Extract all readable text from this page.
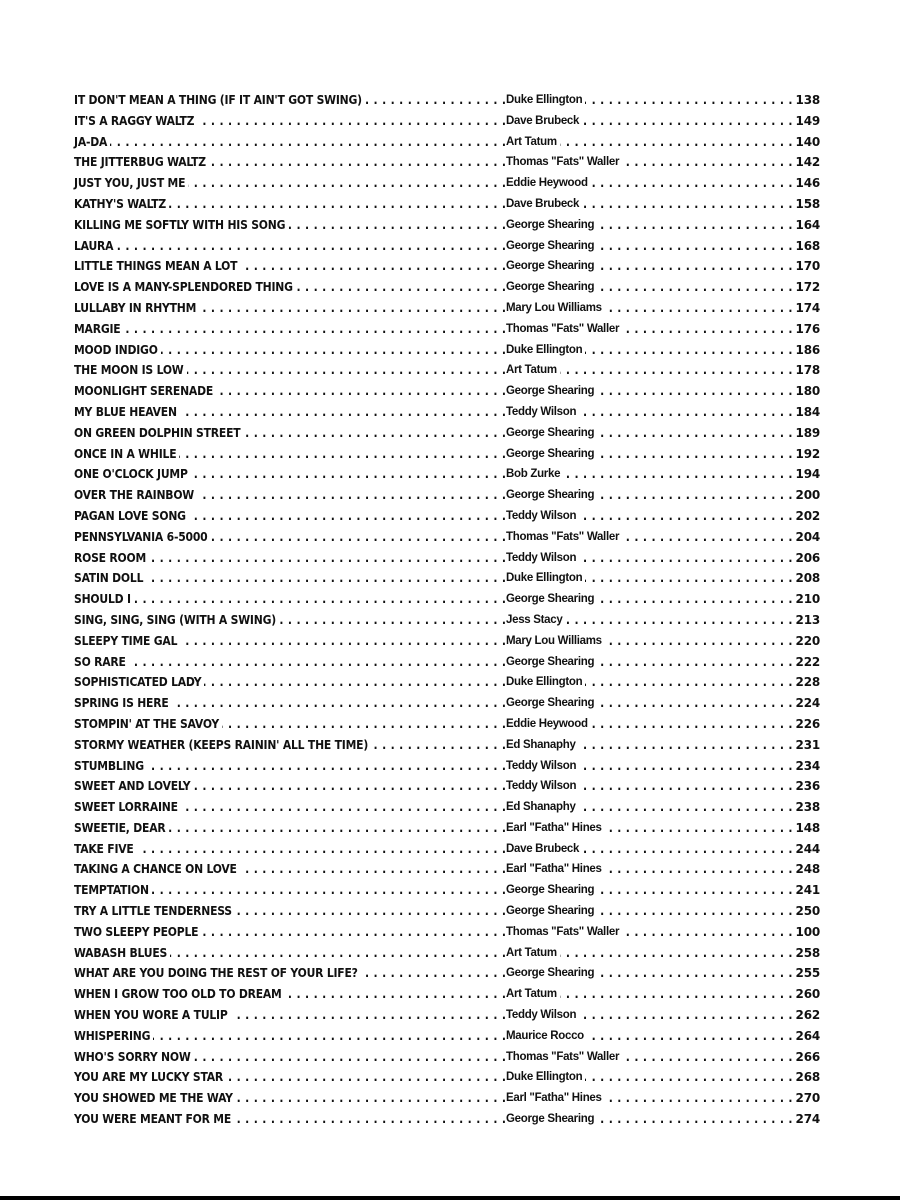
. . .
. . .
IT DON'T MEAN A THING (IF IT AIN'T GOT SWING)	Duke Ellington	138
. . .
. . .
IT'S A RAGGY WALTZ	Dave Brubeck	149
. . .
. . .
JA-DA	Art Tatum	140
. . .
. . .
THE JITTERBUG WALTZ	Thomas "Fats" Waller	142
. . .
. . .
JUST YOU, JUST ME	Eddie Heywood	146
. . .
. . .
KATHY'S WALTZ	Dave Brubeck	158
. . .
. . .
KILLING ME SOFTLY WITH HIS SONG	George Shearing	164
. . .
. . .
LAURA	George Shearing	168
. . .
. . .
LITTLE THINGS MEAN A LOT	George Shearing	170
. . .
. . .
LOVE IS A MANY-SPLENDORED THING	George Shearing	172
. . .
. . .
LULLABY IN RHYTHM	Mary Lou Williams	174
. . .
. . .
MARGIE	Thomas "Fats" Waller	176
. . .
. . .
MOOD INDIGO	Duke Ellington	186
. . .
. . .
THE MOON IS LOW	Art Tatum	178
. . .
. . .
MOONLIGHT SERENADE	George Shearing	180
. . .
. . .
MY BLUE HEAVEN	Teddy Wilson	184
. . .
. . .
ON GREEN DOLPHIN STREET	George Shearing	189
. . .
. . .
ONCE IN A WHILE	George Shearing	192
. . .
. . .
ONE O'CLOCK JUMP	Bob Zurke	194
. . .
. . .
OVER THE RAINBOW	George Shearing	200
. . .
. . .
PAGAN LOVE SONG	Teddy Wilson	202
. . .
. . .
PENNSYLVANIA 6-5000	Thomas "Fats" Waller	204
. . .
. . .
ROSE ROOM	Teddy Wilson	206
. . .
. . .
SATIN DOLL	Duke Ellington	208
. . .
. . .
SHOULD I	George Shearing	210
. . .
. . .
SING, SING, SING (WITH A SWING)	Jess Stacy	213
. . .
. . .
SLEEPY TIME GAL	Mary Lou Williams	220
. . .
. . .
SO RARE	George Shearing	222
. . .
. . .
SOPHISTICATED LADY	Duke Ellington	228
. . .
. . .
SPRING IS HERE	George Shearing	224
. . .
. . .
STOMPIN' AT THE SAVOY	Eddie Heywood	226
. . .
. . .
STORMY WEATHER (KEEPS RAININ' ALL THE TIME)	Ed Shanaphy	231
. . .
. . .
STUMBLING	Teddy Wilson	234
. . .
. . .
SWEET AND LOVELY	Teddy Wilson	236
. . .
. . .
SWEET LORRAINE	Ed Shanaphy	238
. . .
. . .
SWEETIE, DEAR	Earl "Fatha" Hines	148
. . .
. . .
TAKE FIVE	Dave Brubeck	244
. . .
. . .
TAKING A CHANCE ON LOVE	Earl "Fatha" Hines	248
. . .
. . .
TEMPTATION	George Shearing	241
. . .
. . .
TRY A LITTLE TENDERNESS	George Shearing	250
. . .
. . .
TWO SLEEPY PEOPLE	Thomas "Fats" Waller	100
. . .
. . .
WABASH BLUES	Art Tatum	258
. . .
. . .
WHAT ARE YOU DOING THE REST OF YOUR LIFE?	George Shearing	255
. . .
. . .
WHEN I GROW TOO OLD TO DREAM	Art Tatum	260
. . .
. . .
WHEN YOU WORE A TULIP	Teddy Wilson	262
. . .
. . .
WHISPERING	Maurice Rocco	264
. . .
. . .
WHO'S SORRY NOW	Thomas "Fats" Waller	266
. . .
. . .
YOU ARE MY LUCKY STAR	Duke Ellington	268
. . .
. . .
YOU SHOWED ME THE WAY	Earl "Fatha" Hines	270
. . .
. . .
YOU WERE MEANT FOR ME	George Shearing	274
